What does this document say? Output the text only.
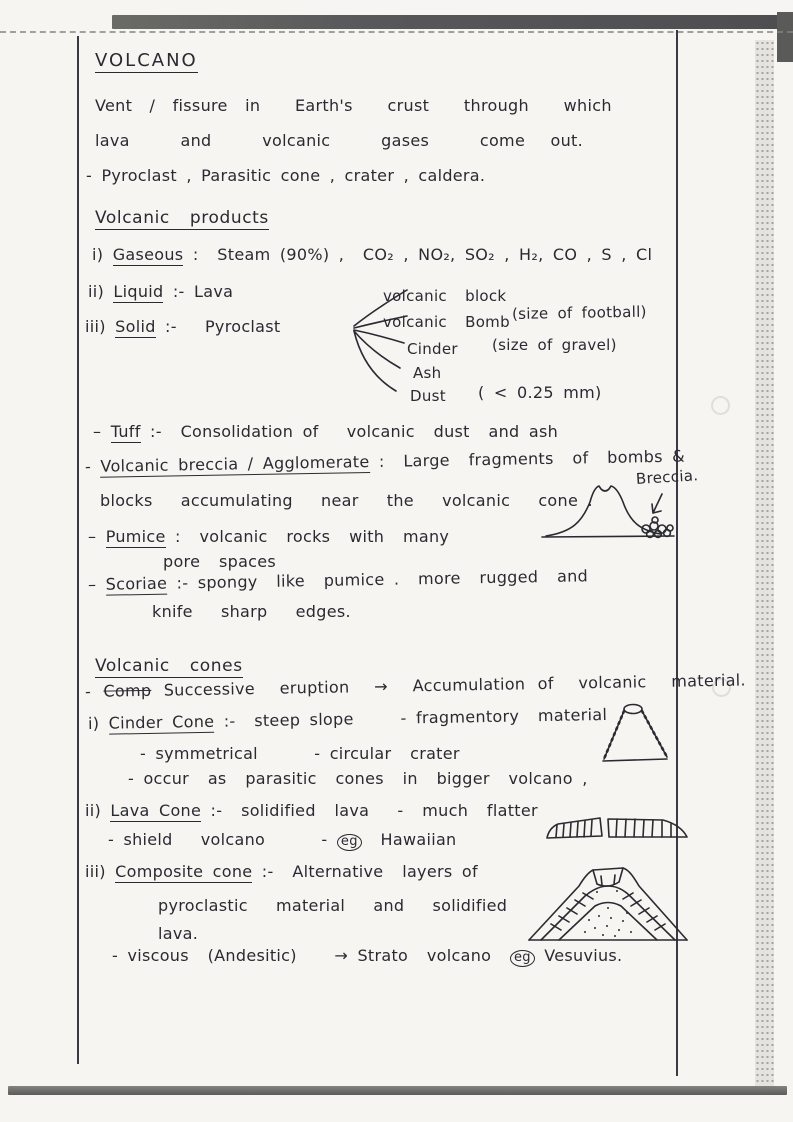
VOLCANO
Vent / fissure in  Earth's  crust  through  which
lava  and  volcanic  gases  come out.
- Pyroclast , Parasitic cone , crater , caldera.
Volcanic  products
i) Gaseous :  Steam (90%) ,  CO₂ , NO₂, SO₂ , H₂, CO , S , Cl
ii) Liquid :- Lava
iii) Solid :-   Pyroclast
volcanic  block
volcanic  Bomb (size of football)
Cinder (size of gravel)
Ash
Dust ( < 0.25 mm)
– Tuff :-  Consolidation of   volcanic  dust  and ash
- Volcanic breccia / Agglomerate :  Large  fragments  of  bombs &
blocks   accumulating   near   the   volcanic   cone .
Breccia.
– Pumice :  volcanic  rocks  with  many
pore  spaces
– Scoriae :- spongy  like  pumice .  more  rugged  and
knife   sharp   edges.
Volcanic  cones
- Comp Successive  eruption  →  Accumulation of  volcanic  material.
i) Cinder Cone :-  steep slope     - fragmentory  material
- symmetrical      - circular  crater
- occur  as  parasitic  cones  in  bigger  volcano ,
ii) Lava Cone :-  solidified  lava   -  much  flatter
- shield   volcano      - eg  Hawaiian
iii) Composite cone :-  Alternative  layers of
pyroclastic   material   and   solidified
lava.
- viscous  (Andesitic)    → Strato  volcano  eg Vesuvius.
